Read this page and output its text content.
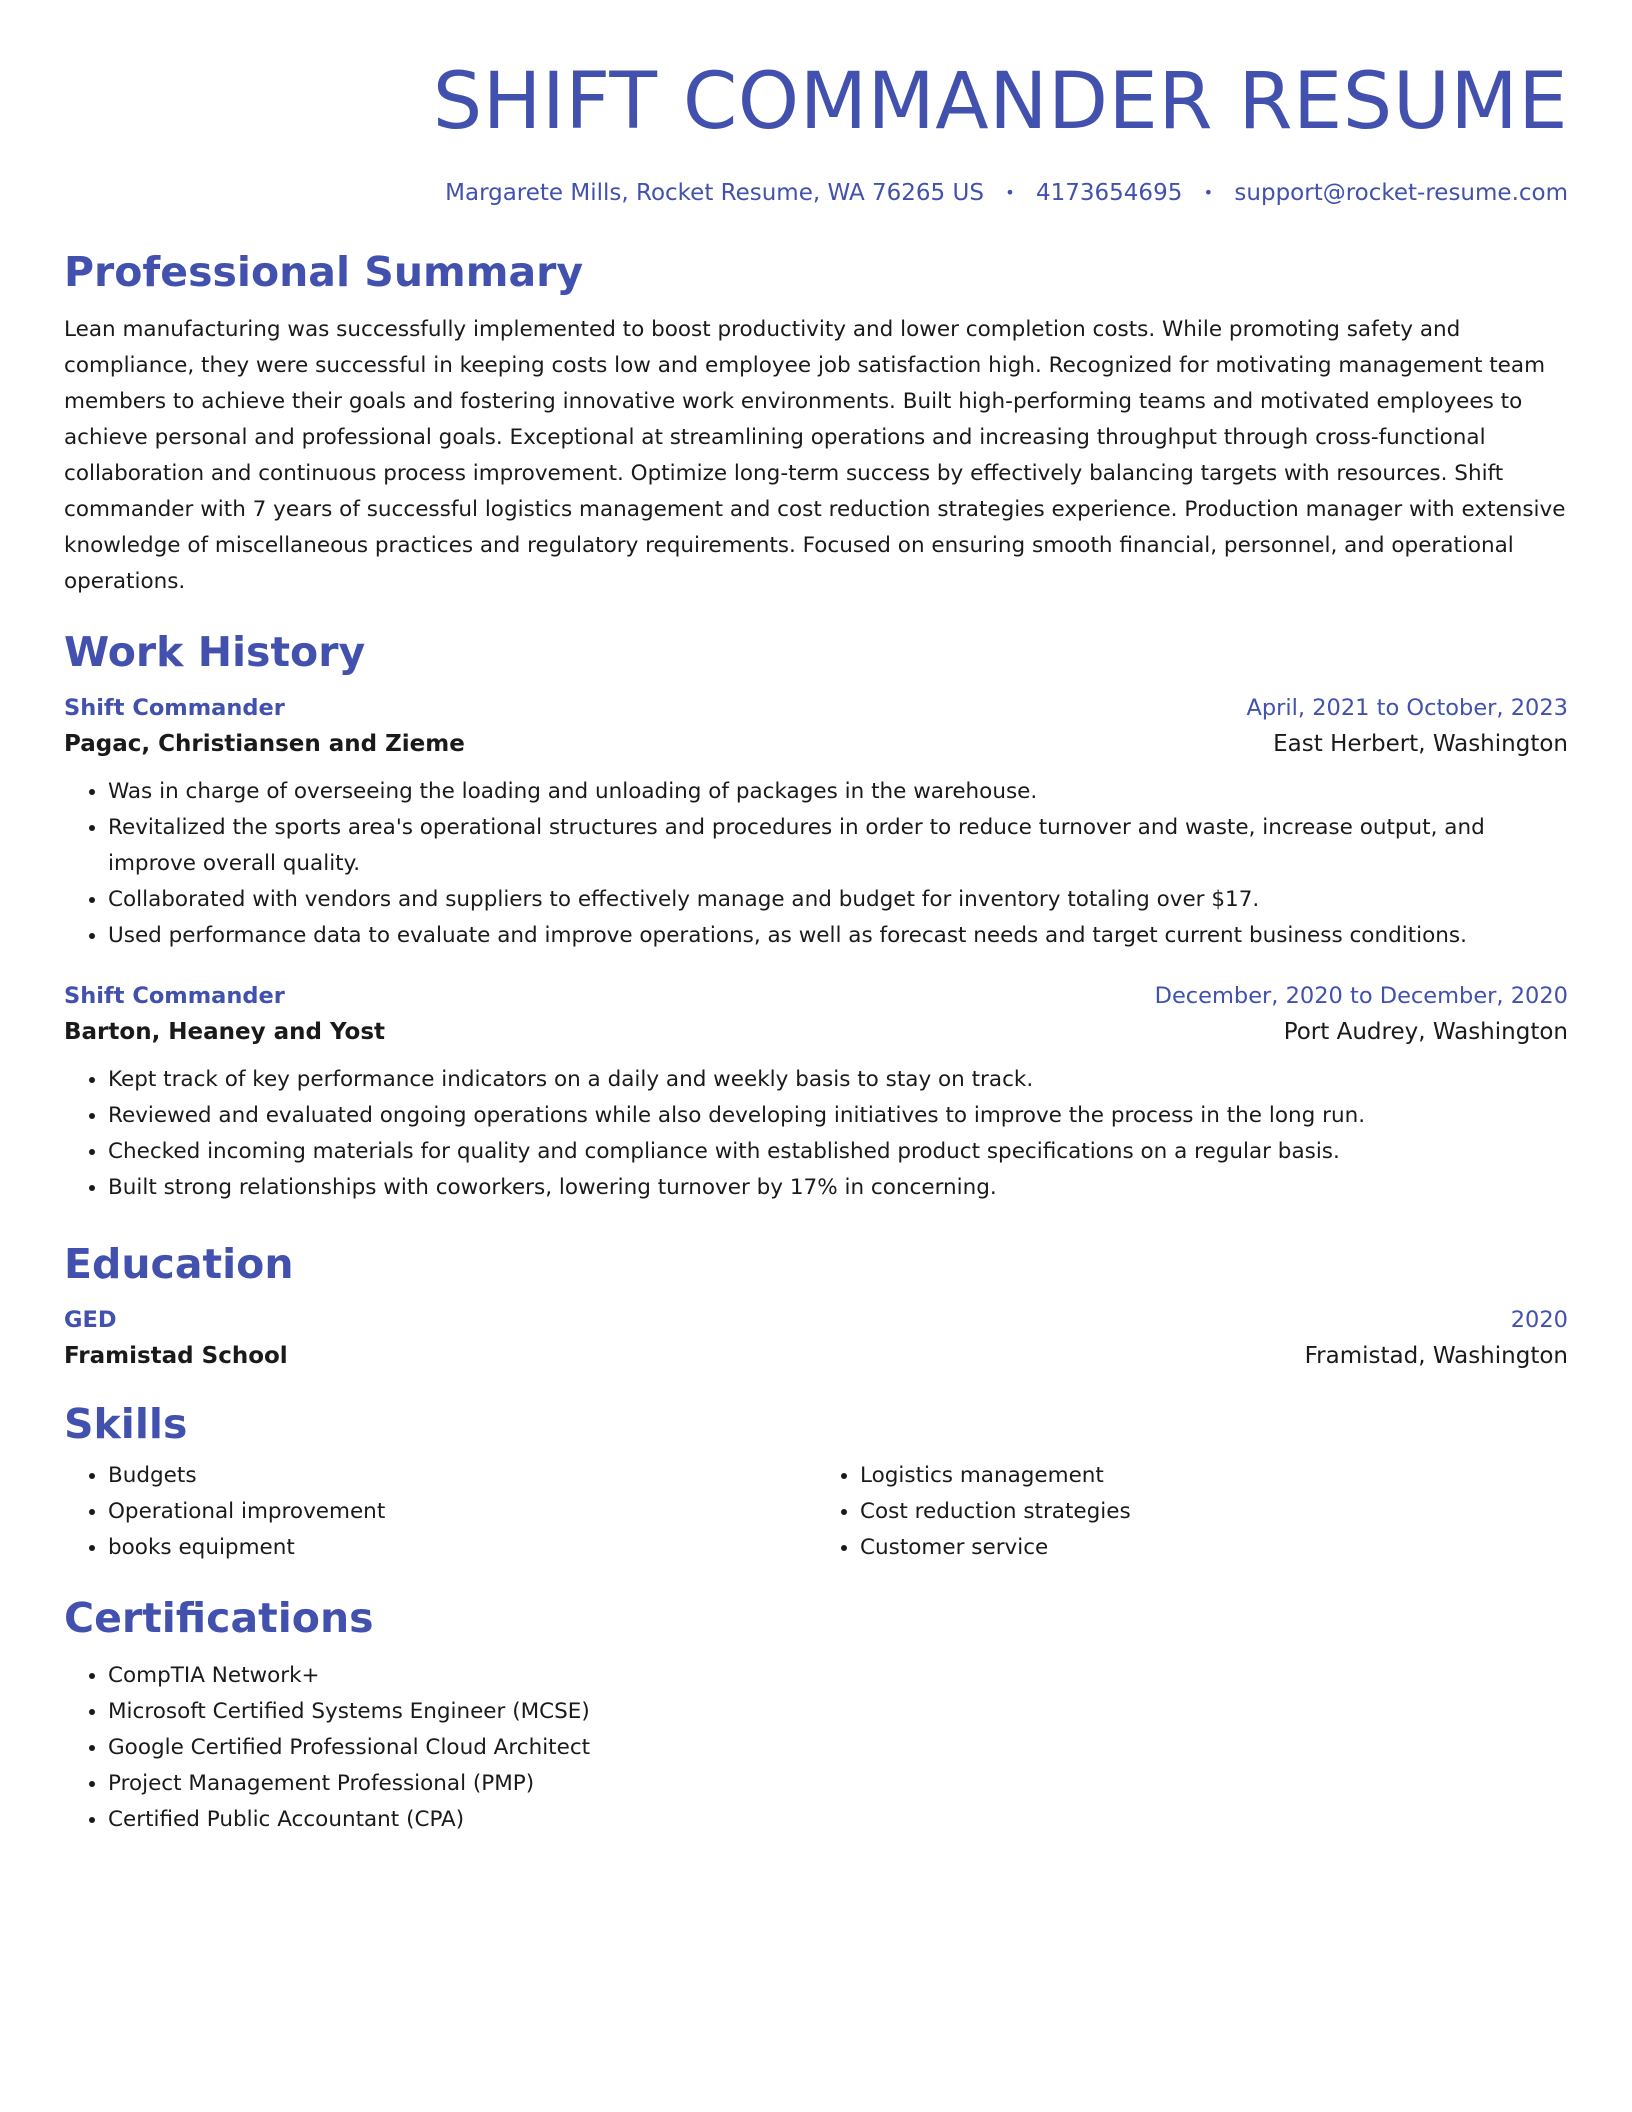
SHIFT COMMANDER RESUME
Margarete Mills, Rocket Resume, WA 76265 US • 4173654695 • support@rocket-resume.com
Professional Summary
Lean manufacturing was successfully implemented to boost productivity and lower completion costs. While promoting safety and compliance, they were successful in keeping costs low and employee job satisfaction high. Recognized for motivating management team members to achieve their goals and fostering innovative work environments. Built high-performing teams and motivated employees to achieve personal and professional goals. Exceptional at streamlining operations and increasing throughput through cross-functional collaboration and continuous process improvement. Optimize long-term success by effectively balancing targets with resources. Shift commander with 7 years of successful logistics management and cost reduction strategies experience. Production manager with extensive knowledge of miscellaneous practices and regulatory requirements. Focused on ensuring smooth financial, personnel, and operational operations.
Work History
Shift Commander	April, 2021 to October, 2023
Pagac, Christiansen and Zieme	East Herbert, Washington
• Was in charge of overseeing the loading and unloading of packages in the warehouse.
• Revitalized the sports area's operational structures and procedures in order to reduce turnover and waste, increase output, and improve overall quality.
• Collaborated with vendors and suppliers to effectively manage and budget for inventory totaling over $17.
• Used performance data to evaluate and improve operations, as well as forecast needs and target current business conditions.
Shift Commander	December, 2020 to December, 2020
Barton, Heaney and Yost	Port Audrey, Washington
• Kept track of key performance indicators on a daily and weekly basis to stay on track.
• Reviewed and evaluated ongoing operations while also developing initiatives to improve the process in the long run.
• Checked incoming materials for quality and compliance with established product specifications on a regular basis.
• Built strong relationships with coworkers, lowering turnover by 17% in concerning.
Education
GED	2020
Framistad School	Framistad, Washington
Skills
• Budgets
• Operational improvement
• books equipment
• Logistics management
• Cost reduction strategies
• Customer service
Certifications
• CompTIA Network+
• Microsoft Certified Systems Engineer (MCSE)
• Google Certified Professional Cloud Architect
• Project Management Professional (PMP)
• Certified Public Accountant (CPA)
